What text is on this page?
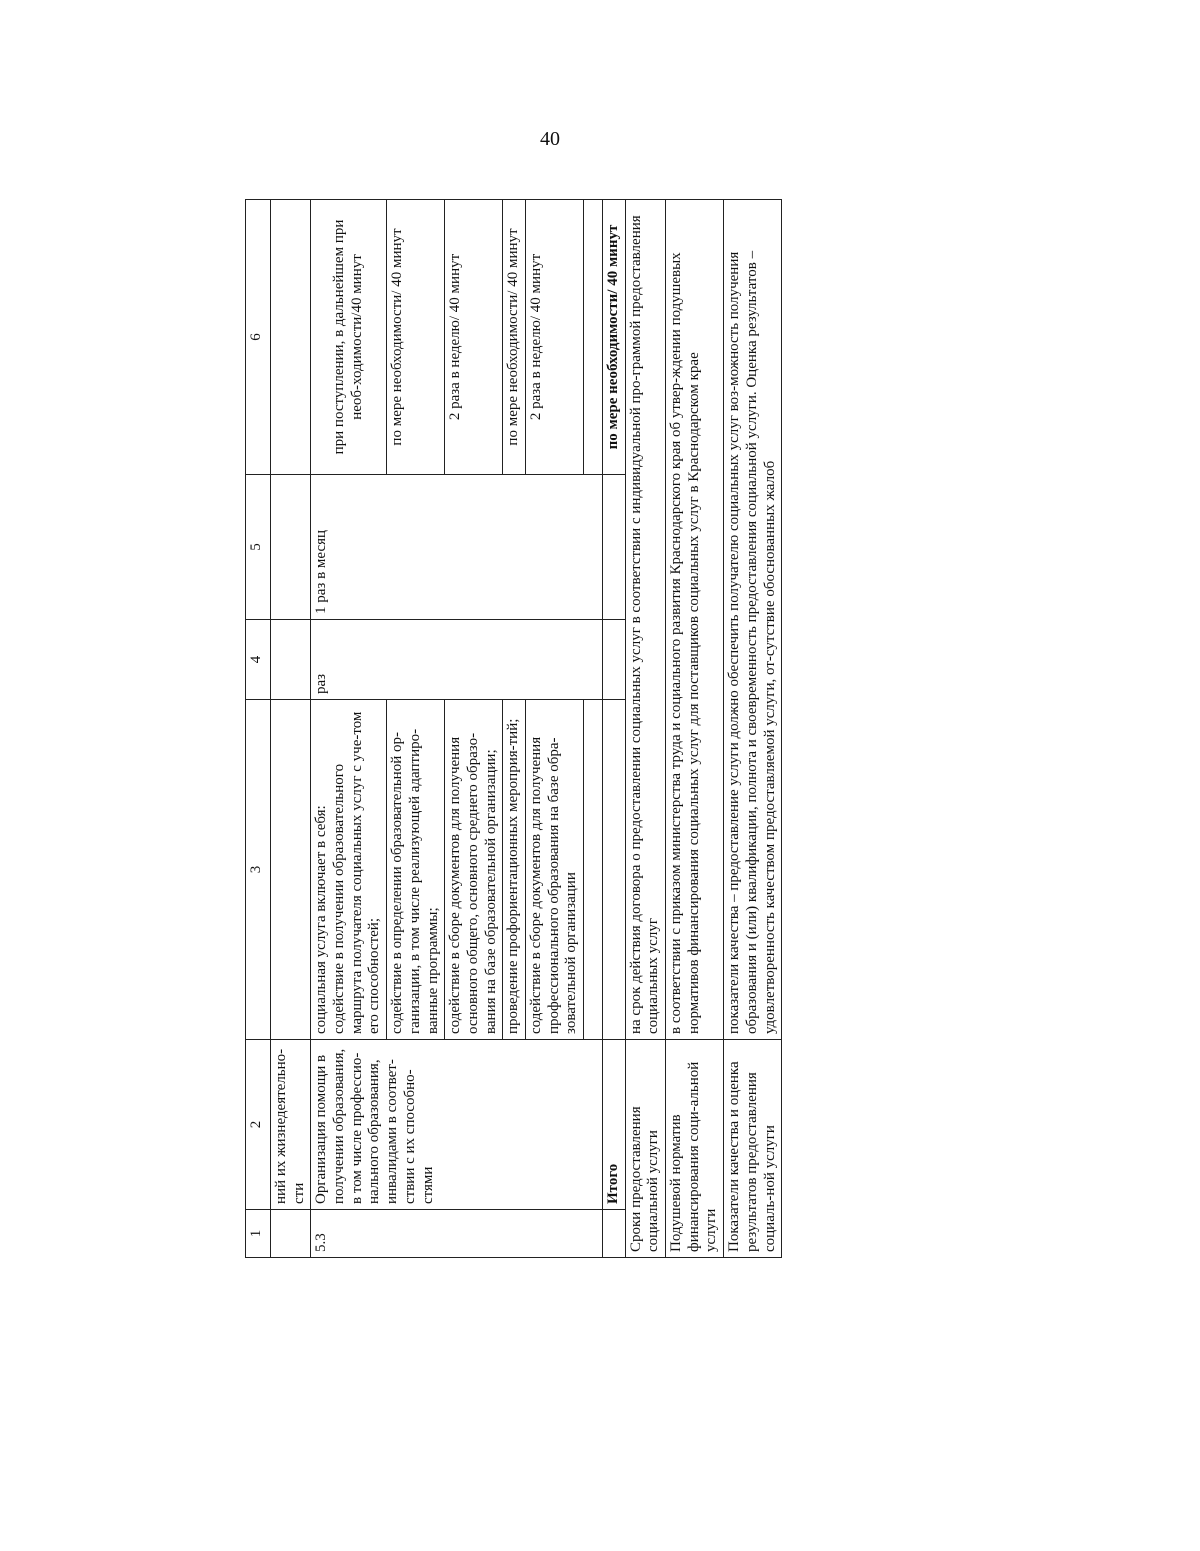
40
1	2	3	4	5	6
	ний их жизнедеятельно-сти				
5.3	Организация помощи в получении образования, в том числе профессио-нального образования, инвалидами в соответ-ствии с их способно-стями	социальная услуга включает в себя: содействие в получении образовательного маршрута получателя социальных услуг с уче-том его способностей;	раз	1 раз в месяц	при поступлении, в дальнейшем при необ-ходимости/40 минут

		содействие в определении образовательной ор-ганизации, в том числе реализующей адаптиро-ванные программы;			по мере необходимости/ 40 минут
		содействие в сборе документов для получения основного общего, основного среднего образо-вания на базе образовательной организации;			2 раза в неделю/ 40 минут
		проведение профориентационных мероприя-тий;			по мере необходимости/ 40 минут
		содействие в сборе документов для получения профессионального образования на базе обра-зовательной организации			2 раза в неделю/ 40 минут

	Итого				по мере необходимости/ 40 минут
Сроки предоставления социальной услуги		на срок действия договора о предоставлении социальных услуг в соответствии с индивидуальной про-граммой предоставления социальных услуг			
Подушевой норматив финансирования соци-альной услуги		в соответствии с приказом министерства труда и социального развития Краснодарского края об утвер-ждении подушевых нормативов финансирования социальных услуг для поставщиков социальных услуг в Краснодарском крае			
Показатели качества и оценка результатов предоставления социаль-ной услуги		показатели качества – предоставление услуги должно обеспечить получателю социальных услуг воз-можность получения образования и (или) квалификации, полнота и своевременность предоставления социальной услуги. Оценка результатов – удовлетворенность качеством предоставляемой услуги, от-сутствие обоснованных жалоб			
